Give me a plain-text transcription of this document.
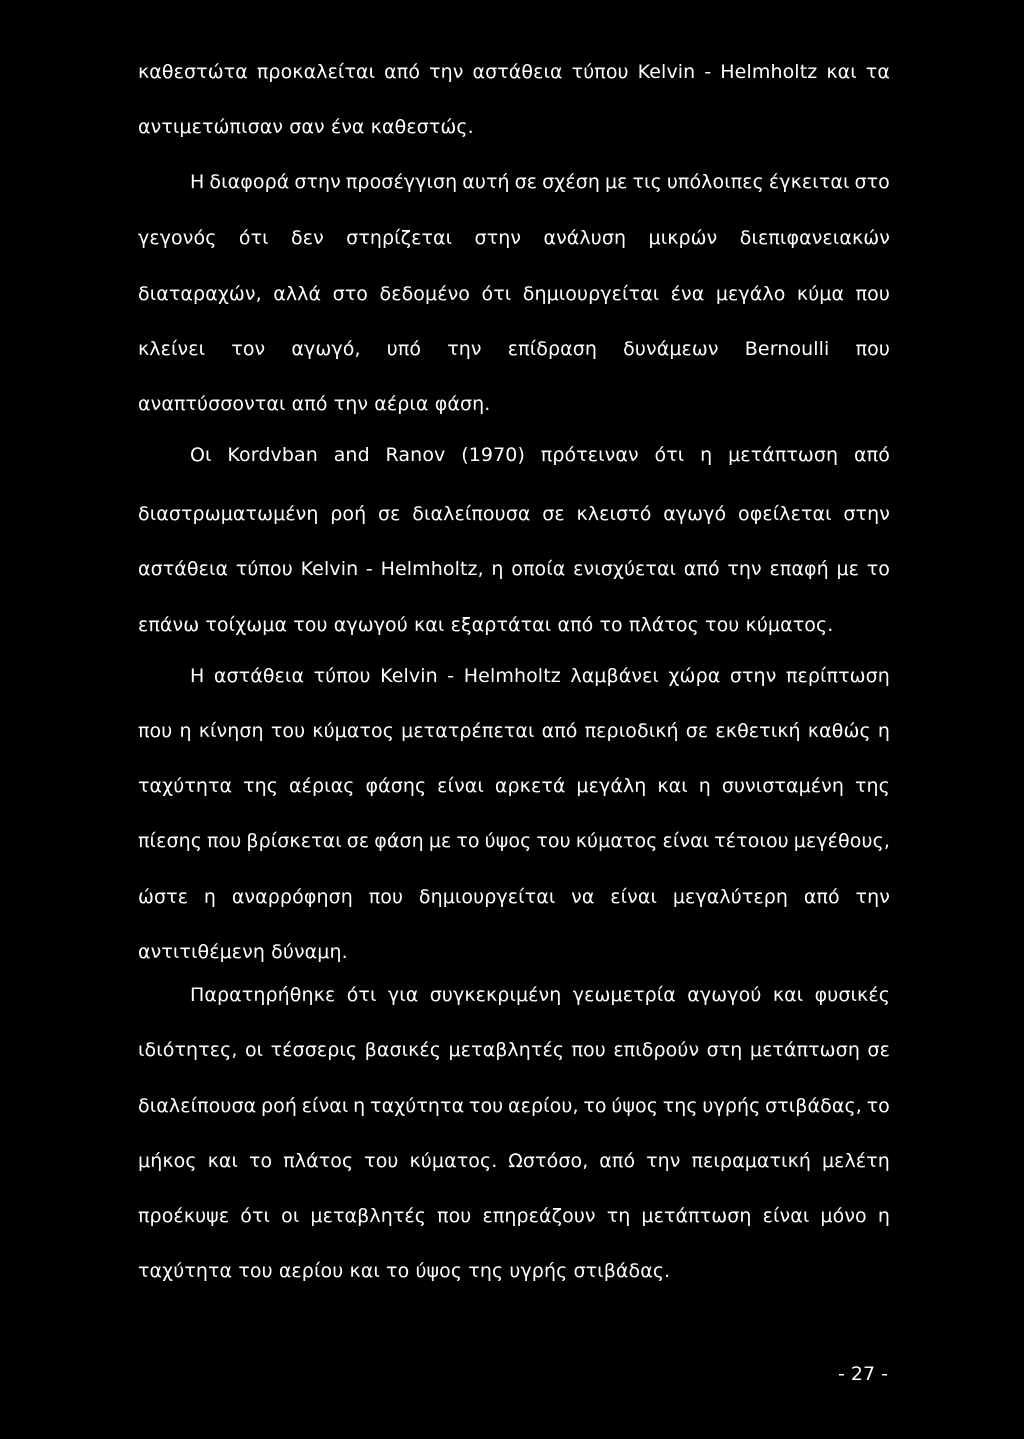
καθεστώτα προκαλείται από την αστάθεια τύπου Kelvin - Helmholtz και τα
αντιμετώπισαν σαν ένα καθεστώς.
Η διαφορά στην προσέγγιση αυτή σε σχέση με τις υπόλοιπες έγκειται στο
γεγονός ότι δεν στηρίζεται στην ανάλυση μικρών διεπιφανειακών
διαταραχών, αλλά στο δεδομένο ότι δημιουργείται ένα μεγάλο κύμα που
κλείνει τον αγωγό, υπό την επίδραση δυνάμεων Bernoulli που
αναπτύσσονται από την αέρια φάση.
Οι Kordvban and Ranov (1970) πρότειναν ότι η μετάπτωση από
διαστρωματωμένη ροή σε διαλείπουσα σε κλειστό αγωγό οφείλεται στην
αστάθεια τύπου Kelvin - Helmholtz, η οποία ενισχύεται από την επαφή με το
επάνω τοίχωμα του αγωγού και εξαρτάται από το πλάτος του κύματος.
Η αστάθεια τύπου Kelvin - Helmholtz λαμβάνει χώρα στην περίπτωση
που η κίνηση του κύματος μετατρέπεται από περιοδική σε εκθετική καθώς η
ταχύτητα της αέριας φάσης είναι αρκετά μεγάλη και η συνισταμένη της
πίεσης που βρίσκεται σε φάση με το ύψος του κύματος είναι τέτοιου μεγέθους,
ώστε η αναρρόφηση που δημιουργείται να είναι μεγαλύτερη από την
αντιτιθέμενη δύναμη.
Παρατηρήθηκε ότι για συγκεκριμένη γεωμετρία αγωγού και φυσικές
ιδιότητες, οι τέσσερις βασικές μεταβλητές που επιδρούν στη μετάπτωση σε
διαλείπουσα ροή είναι η ταχύτητα του αερίου, το ύψος της υγρής στιβάδας, το
μήκος και το πλάτος του κύματος. Ωστόσο, από την πειραματική μελέτη
προέκυψε ότι οι μεταβλητές που επηρεάζουν τη μετάπτωση είναι μόνο η
ταχύτητα του αερίου και το ύψος της υγρής στιβάδας.
- 27 -
